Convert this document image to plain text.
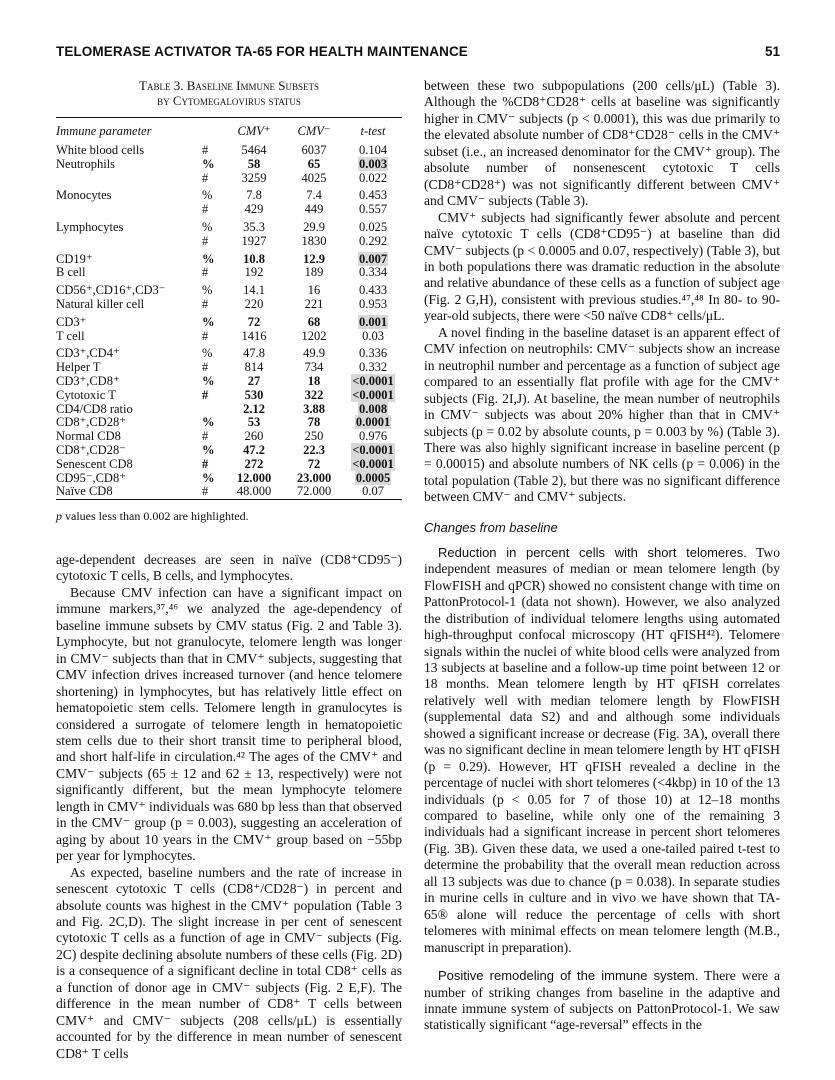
TELOMERASE ACTIVATOR TA-65 FOR HEALTH MAINTENANCE	51
Table 3. Baseline Immune Subsets
by Cytomegalovirus status
Immune parameter		CMV⁺	CMV⁻	t-test
White blood cells	#	5464	6037	0.104
Neutrophils	%	58	65	0.003
	#	3259	4025	0.022
Monocytes	%	7.8	7.4	0.453
	#	429	449	0.557
Lymphocytes	%	35.3	29.9	0.025
	#	1927	1830	0.292
CD19⁺	%	10.8	12.9	0.007
B cell	#	192	189	0.334
CD56⁺,CD16⁺,CD3⁻	%	14.1	16	0.433
Natural killer cell	#	220	221	0.953
CD3⁺	%	72	68	0.001
T cell	#	1416	1202	0.03
CD3⁺,CD4⁺	%	47.8	49.9	0.336
Helper T	#	814	734	0.332
CD3⁺,CD8⁺	%	27	18	<0.0001
Cytotoxic T	#	530	322	<0.0001
CD4/CD8 ratio		2.12	3.88	0.008
CD8⁺,CD28⁺	%	53	78	0.0001
Normal CD8	#	260	250	0.976
CD8⁺,CD28⁻	%	47.2	22.3	<0.0001
Senescent CD8	#	272	72	<0.0001
CD95⁻,CD8⁺	%	12.000	23.000	0.0005
Naïve CD8	#	48.000	72.000	0.07
p values less than 0.002 are highlighted.

age-dependent decreases are seen in naïve (CD8⁺CD95⁻) cytotoxic T cells, B cells, and lymphocytes.

Because CMV infection can have a significant impact on immune markers,³⁷,⁴⁶ we analyzed the age-dependency of baseline immune subsets by CMV status (Fig. 2 and Table 3). Lymphocyte, but not granulocyte, telomere length was longer in CMV⁻ subjects than that in CMV⁺ subjects, suggesting that CMV infection drives increased turnover (and hence telomere shortening) in lymphocytes, but has relatively little effect on hematopoietic stem cells. Telomere length in granulocytes is considered a surrogate of telomere length in hematopoietic stem cells due to their short transit time to peripheral blood, and short half-life in circulation.⁴² The ages of the CMV⁺ and CMV⁻ subjects (65 ± 12 and 62 ± 13, respectively) were not significantly different, but the mean lymphocyte telomere length in CMV⁺ individuals was 680 bp less than that observed in the CMV⁻ group (p = 0.003), suggesting an acceleration of aging by about 10 years in the CMV⁺ group based on −55bp per year for lymphocytes.

As expected, baseline numbers and the rate of increase in senescent cytotoxic T cells (CD8⁺/CD28⁻) in percent and absolute counts was highest in the CMV⁺ population (Table 3 and Fig. 2C,D). The slight increase in per cent of senescent cytotoxic T cells as a function of age in CMV⁻ subjects (Fig. 2C) despite declining absolute numbers of these cells (Fig. 2D) is a consequence of a significant decline in total CD8⁺ cells as a function of donor age in CMV⁻ subjects (Fig. 2 E,F). The difference in the mean number of CD8⁺ T cells between CMV⁺ and CMV⁻ subjects (208 cells/μL) is essentially accounted for by the difference in mean number of senescent CD8⁺ T cells

between these two subpopulations (200 cells/μL) (Table 3). Although the %CD8⁺CD28⁺ cells at baseline was significantly higher in CMV⁻ subjects (p < 0.0001), this was due primarily to the elevated absolute number of CD8⁺CD28⁻ cells in the CMV⁺ subset (i.e., an increased denominator for the CMV⁺ group). The absolute number of nonsenescent cytotoxic T cells (CD8⁺CD28⁺) was not significantly different between CMV⁺ and CMV⁻ subjects (Table 3).

CMV⁺ subjects had significantly fewer absolute and percent naïve cytotoxic T cells (CD8⁺CD95⁻) at baseline than did CMV⁻ subjects (p < 0.0005 and 0.07, respectively) (Table 3), but in both populations there was dramatic reduction in the absolute and relative abundance of these cells as a function of subject age (Fig. 2 G,H), consistent with previous studies.⁴⁷,⁴⁸ In 80- to 90-year-old subjects, there were <50 naïve CD8⁺ cells/μL.

A novel finding in the baseline dataset is an apparent effect of CMV infection on neutrophils: CMV⁻ subjects show an increase in neutrophil number and percentage as a function of subject age compared to an essentially flat profile with age for the CMV⁺ subjects (Fig. 2I,J). At baseline, the mean number of neutrophils in CMV⁻ subjects was about 20% higher than that in CMV⁺ subjects (p = 0.02 by absolute counts, p = 0.003 by %) (Table 3). There was also highly significant increase in baseline percent (p = 0.00015) and absolute numbers of NK cells (p = 0.006) in the total population (Table 2), but there was no significant difference between CMV⁻ and CMV⁺ subjects.

Changes from baseline

Reduction in percent cells with short telomeres. Two independent measures of median or mean telomere length (by FlowFISH and qPCR) showed no consistent change with time on PattonProtocol-1 (data not shown). However, we also analyzed the distribution of individual telomere lengths using automated high-throughput confocal microscopy (HT qFISH⁴²). Telomere signals within the nuclei of white blood cells were analyzed from 13 subjects at baseline and a follow-up time point between 12 or 18 months. Mean telomere length by HT qFISH correlates relatively well with median telomere length by FlowFISH (supplemental data S2) and and although some individuals showed a significant increase or decrease (Fig. 3A), overall there was no significant decline in mean telomere length by HT qFISH (p = 0.29). However, HT qFISH revealed a decline in the percentage of nuclei with short telomeres (<4kbp) in 10 of the 13 individuals (p < 0.05 for 7 of those 10) at 12–18 months compared to baseline, while only one of the remaining 3 individuals had a significant increase in percent short telomeres (Fig. 3B). Given these data, we used a one-tailed paired t-test to determine the probability that the overall mean reduction across all 13 subjects was due to chance (p = 0.038). In separate studies in murine cells in culture and in vivo we have shown that TA-65® alone will reduce the percentage of cells with short telomeres with minimal effects on mean telomere length (M.B., manuscript in preparation).

Positive remodeling of the immune system. There were a number of striking changes from baseline in the adaptive and innate immune system of subjects on PattonProtocol-1. We saw statistically significant “age-reversal” effects in the
